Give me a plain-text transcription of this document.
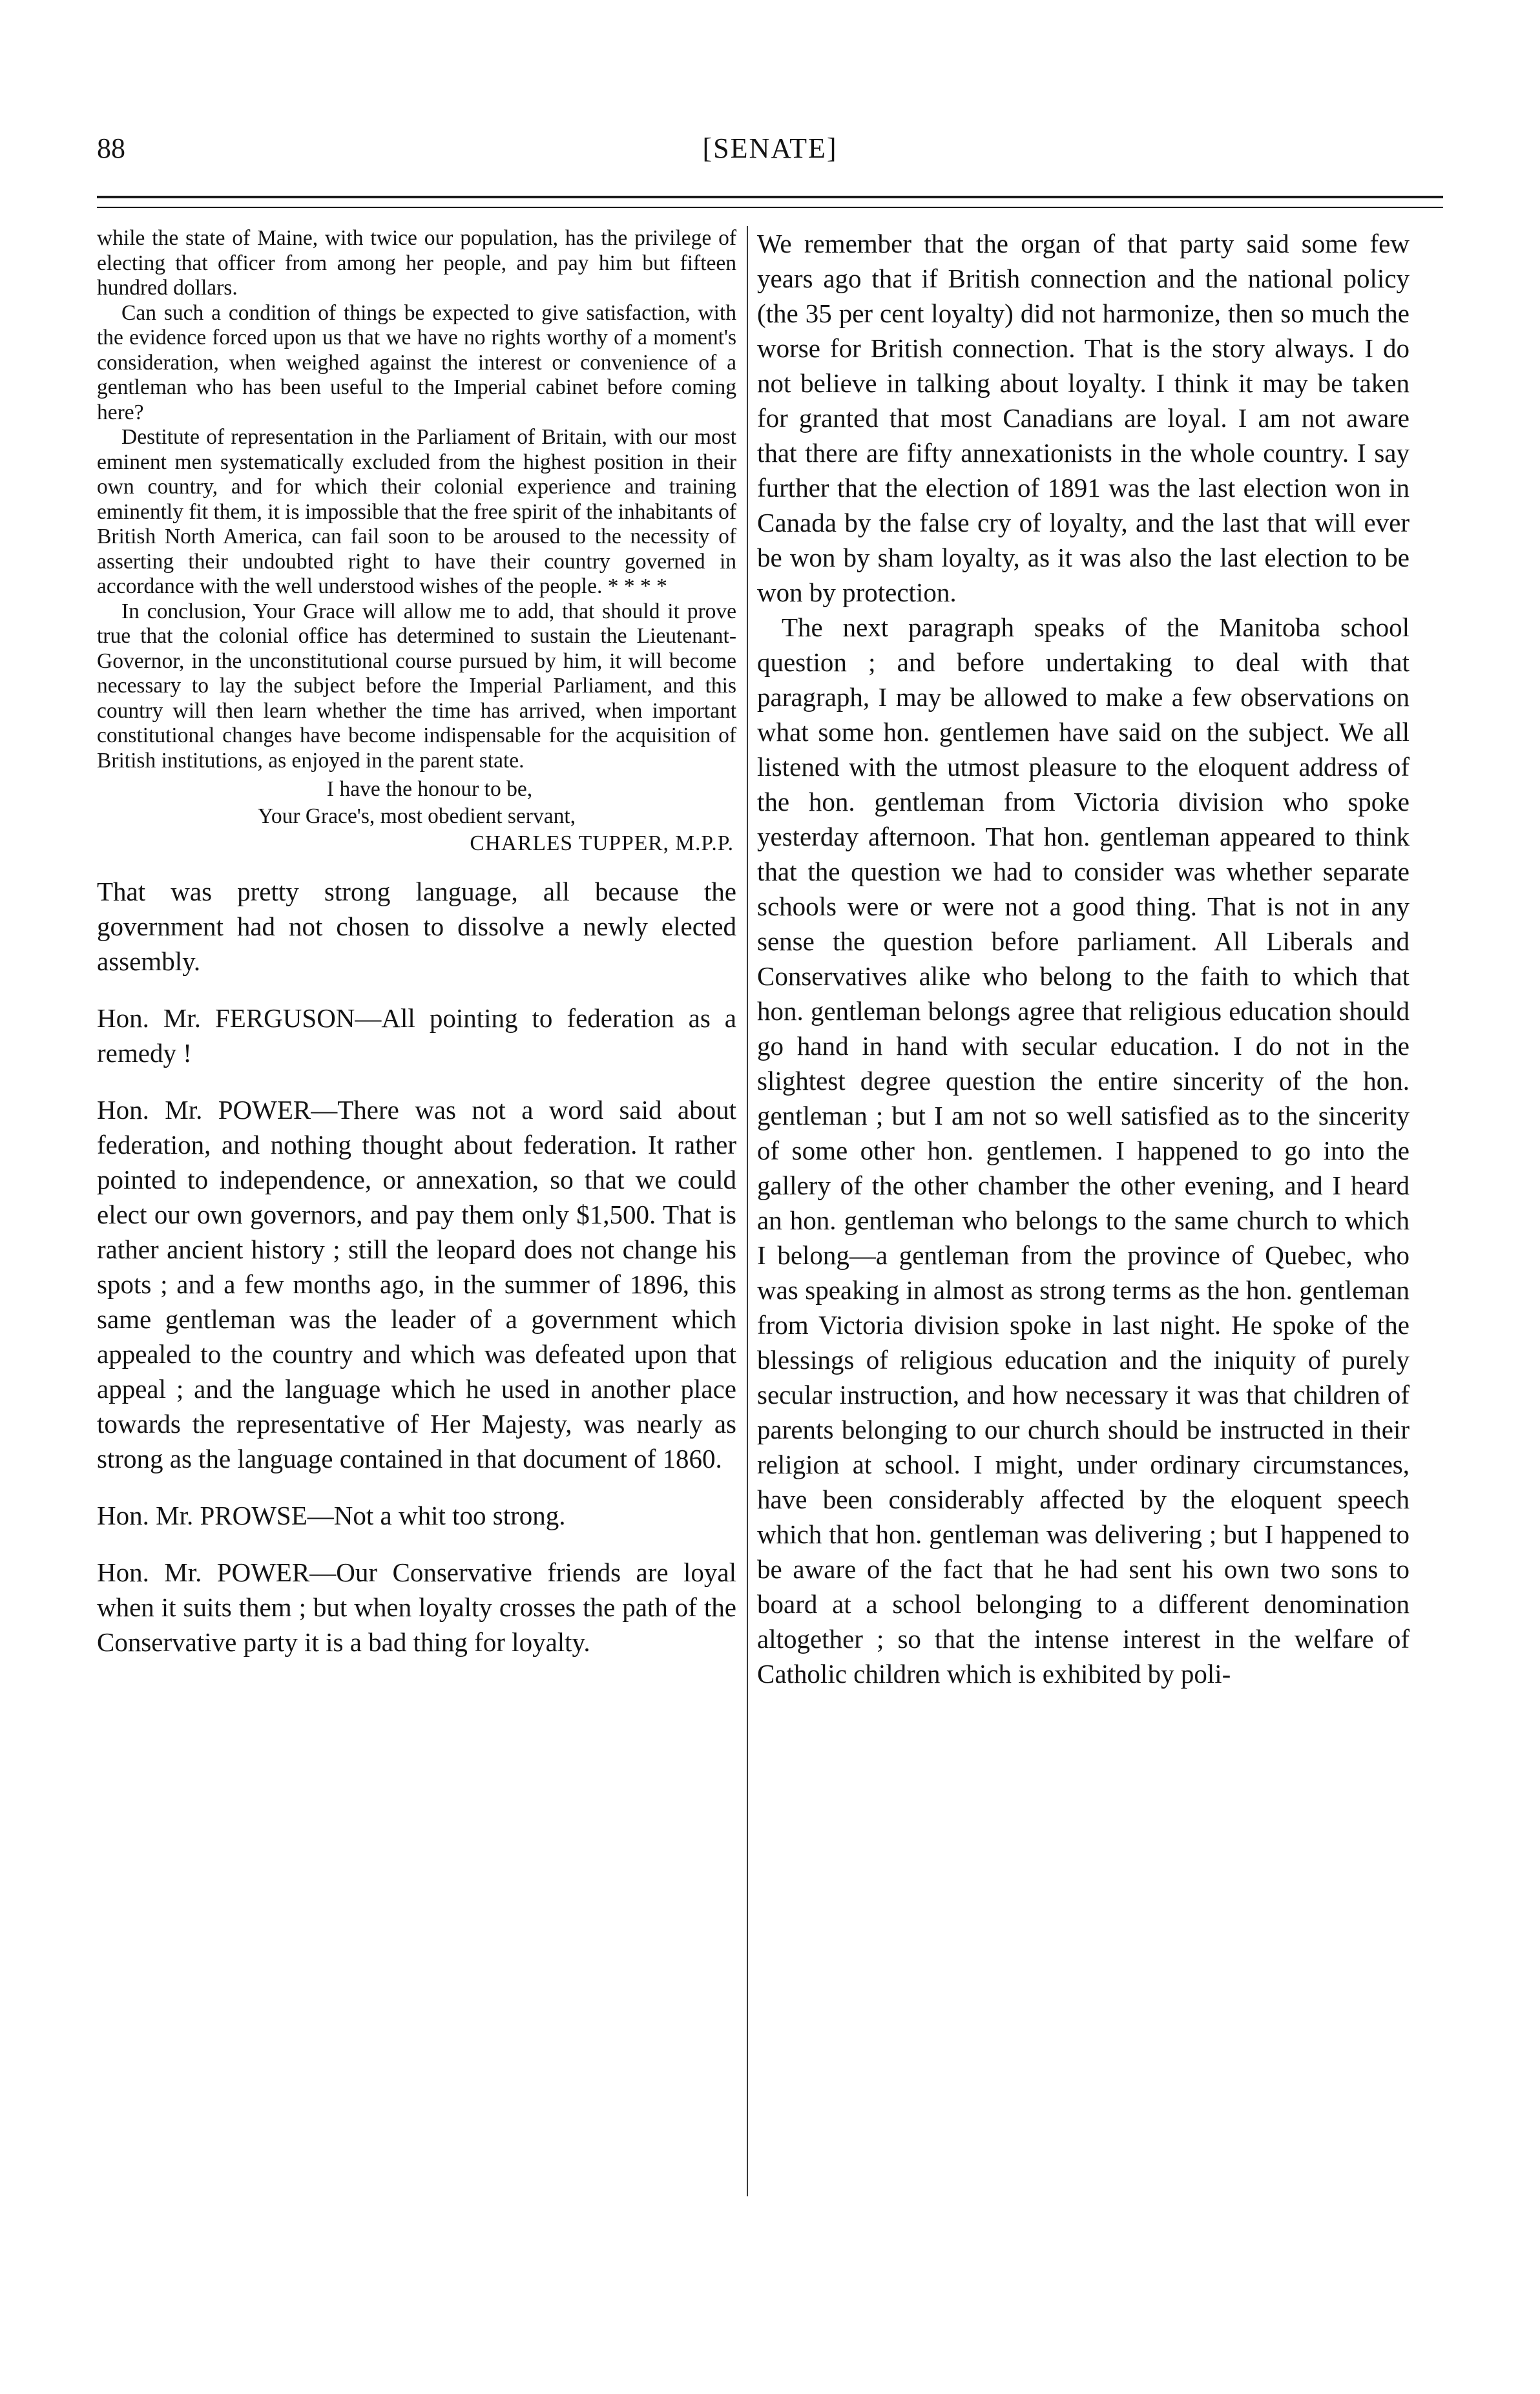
88	[SENATE]

while the state of Maine, with twice our population, has the privilege of electing that officer from among her people, and pay him but fifteen hundred dollars.

Can such a condition of things be expected to give satisfaction, with the evidence forced upon us that we have no rights worthy of a moment's consideration, when weighed against the interest or convenience of a gentleman who has been useful to the Imperial cabinet before coming here?

Destitute of representation in the Parliament of Britain, with our most eminent men systematically excluded from the highest position in their own country, and for which their colonial experience and training eminently fit them, it is impossible that the free spirit of the inhabitants of British North America, can fail soon to be aroused to the necessity of asserting their undoubted right to have their country governed in accordance with the well understood wishes of the people. * * * *

In conclusion, Your Grace will allow me to add, that should it prove true that the colonial office has determined to sustain the Lieutenant-Governor, in the unconstitutional course pursued by him, it will become necessary to lay the subject before the Imperial Parliament, and this country will then learn whether the time has arrived, when important constitutional changes have become indispensable for the acquisition of British institutions, as enjoyed in the parent state.

I have the honour to be,

Your Grace's, most obedient servant,

CHARLES TUPPER, M.P.P.

That was pretty strong language, all because the government had not chosen to dissolve a newly elected assembly.

Hon. Mr. FERGUSON—All pointing to federation as a remedy !

Hon. Mr. POWER—There was not a word said about federation, and nothing thought about federation. It rather pointed to independence, or annexation, so that we could elect our own governors, and pay them only $1,500. That is rather ancient history ; still the leopard does not change his spots ; and a few months ago, in the summer of 1896, this same gentleman was the leader of a government which appealed to the country and which was defeated upon that appeal ; and the language which he used in another place towards the representative of Her Majesty, was nearly as strong as the language contained in that document of 1860.

Hon. Mr. PROWSE—Not a whit too strong.

Hon. Mr. POWER—Our Conservative friends are loyal when it suits them ; but when loyalty crosses the path of the Conservative party it is a bad thing for loyalty.

We remember that the organ of that party said some few years ago that if British connection and the national policy (the 35 per cent loyalty) did not harmonize, then so much the worse for British connection. That is the story always. I do not believe in talking about loyalty. I think it may be taken for granted that most Canadians are loyal. I am not aware that there are fifty annexationists in the whole country. I say further that the election of 1891 was the last election won in Canada by the false cry of loyalty, and the last that will ever be won by sham loyalty, as it was also the last election to be won by protection.

The next paragraph speaks of the Manitoba school question ; and before undertaking to deal with that paragraph, I may be allowed to make a few observations on what some hon. gentlemen have said on the subject. We all listened with the utmost pleasure to the eloquent address of the hon. gentleman from Victoria division who spoke yesterday afternoon. That hon. gentleman appeared to think that the question we had to consider was whether separate schools were or were not a good thing. That is not in any sense the question before parliament. All Liberals and Conservatives alike who belong to the faith to which that hon. gentleman belongs agree that religious education should go hand in hand with secular education. I do not in the slightest degree question the entire sincerity of the hon. gentleman ; but I am not so well satisfied as to the sincerity of some other hon. gentlemen. I happened to go into the gallery of the other chamber the other evening, and I heard an hon. gentleman who belongs to the same church to which I belong—a gentleman from the province of Quebec, who was speaking in almost as strong terms as the hon. gentleman from Victoria division spoke in last night. He spoke of the blessings of religious education and the iniquity of purely secular instruction, and how necessary it was that children of parents belonging to our church should be instructed in their religion at school. I might, under ordinary circumstances, have been considerably affected by the eloquent speech which that hon. gentleman was delivering ; but I happened to be aware of the fact that he had sent his own two sons to board at a school belonging to a different denomination altogether ; so that the intense interest in the welfare of Catholic children which is exhibited by poli-
